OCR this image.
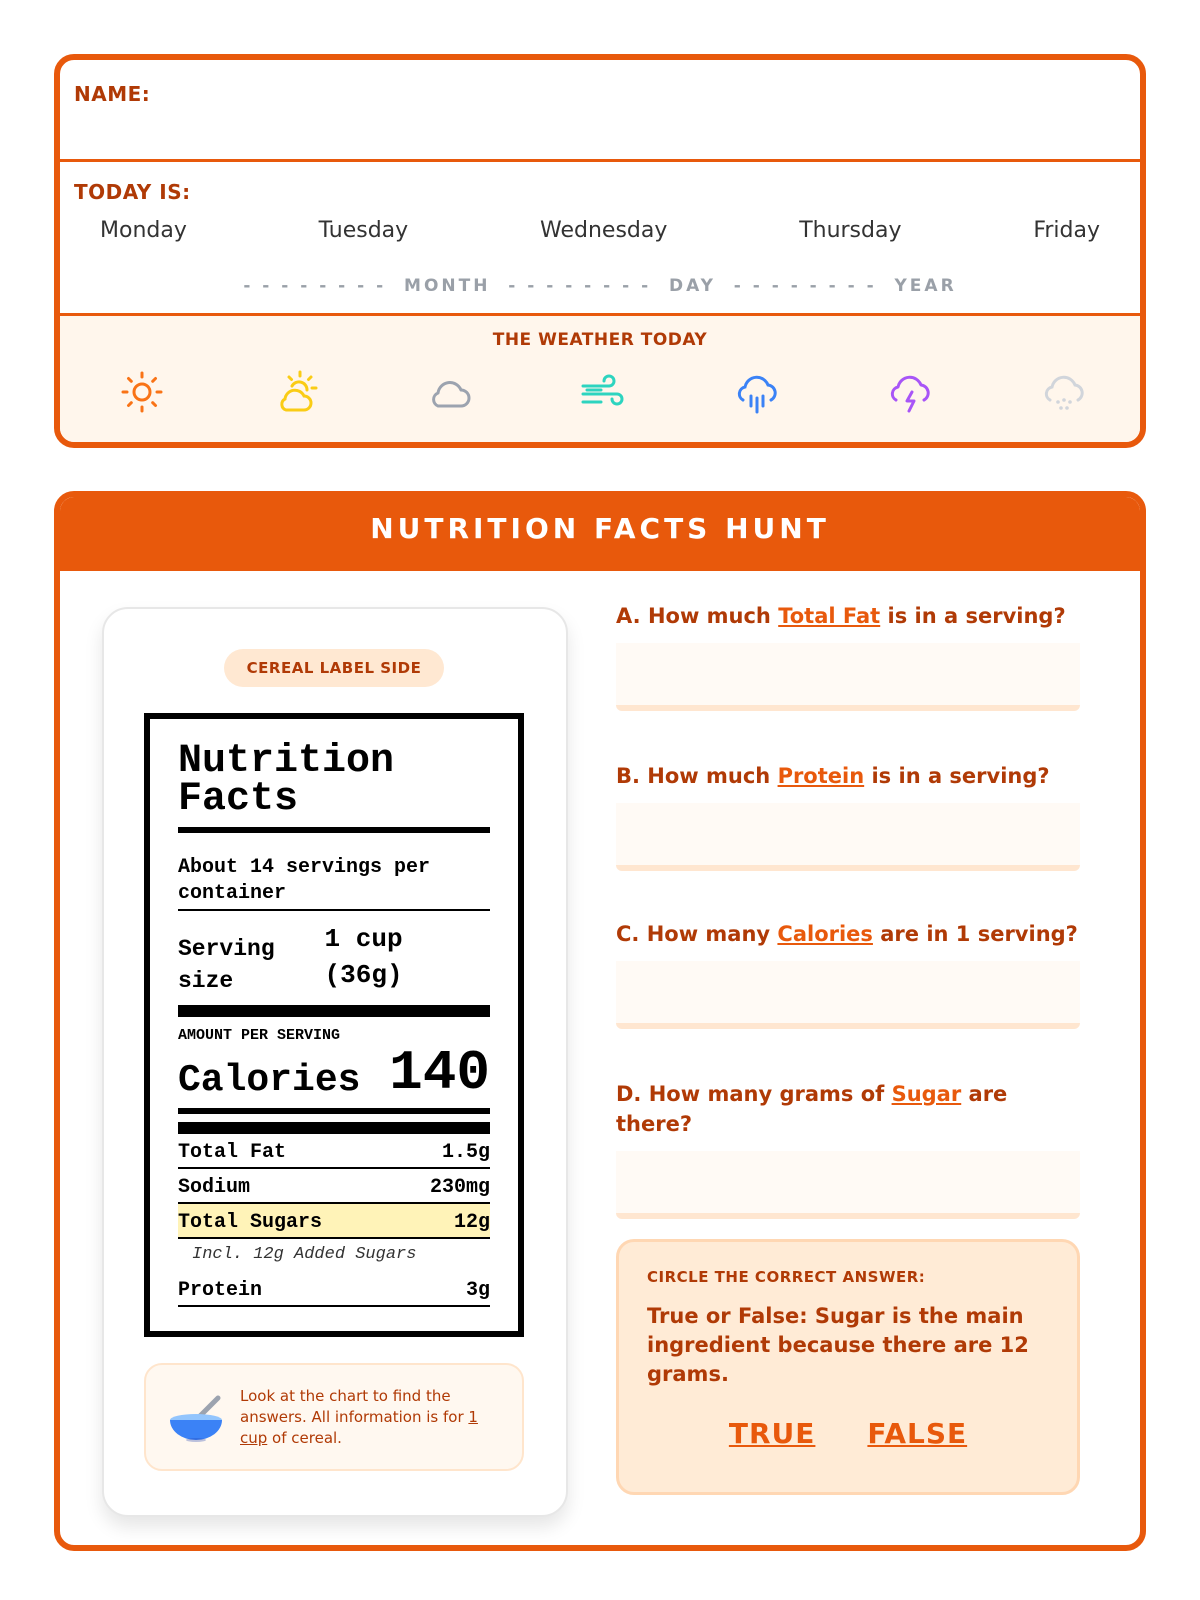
NAME:
TODAY IS:
Monday	Tuesday	Wednesday	Thursday	Friday
- - - - - - - -  MONTH  - - - - - - - -  DAY  - - - - - - - -  YEAR
THE WEATHER TODAY
NUTRITION FACTS HUNT
CEREAL LABEL SIDE
Nutrition Facts
About 14 servings per container
Serving size
1 cup (36g)
AMOUNT PER SERVING
Calories 140
Total Fat	1.5g
Sodium	230mg
Total Sugars	12g
Incl. 12g Added Sugars
Protein	3g
Look at the chart to find the answers. All information is for 1 cup of cereal.
A. How much Total Fat is in a serving?
B. How much Protein is in a serving?
C. How many Calories are in 1 serving?
D. How many grams of Sugar are there?
CIRCLE THE CORRECT ANSWER:
True or False: Sugar is the main ingredient because there are 12 grams.
TRUE FALSE
